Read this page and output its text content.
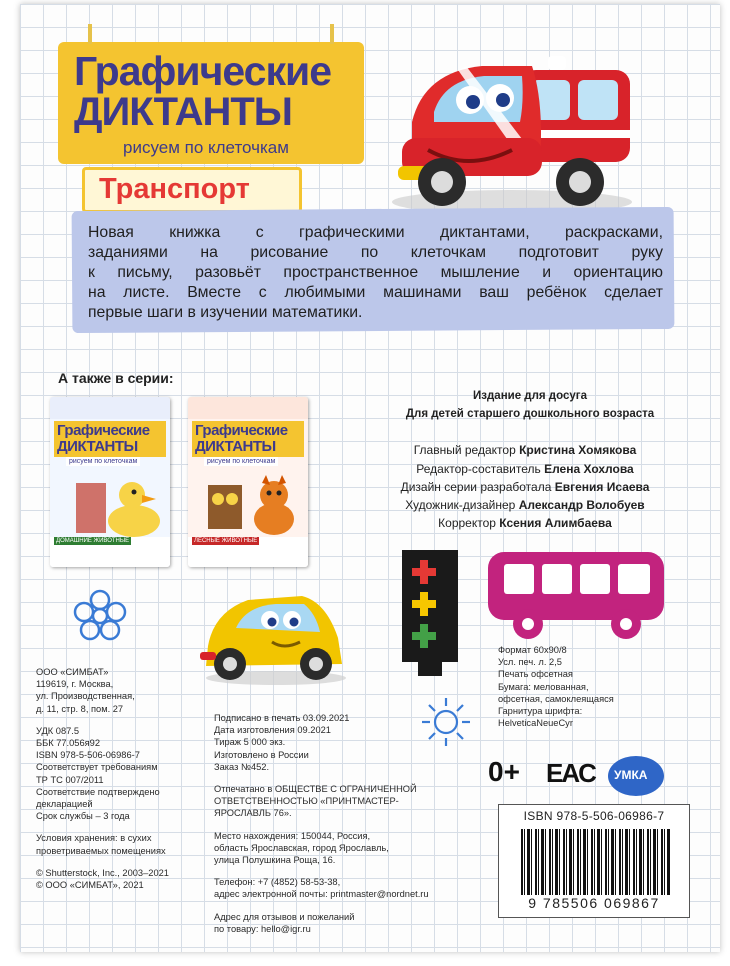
Графические
ДИКТАНТЫ
рисуем по клеточкам
Транспорт
Новая книжка с графическими диктантами, раскрасками,
заданиями на рисование по клеточкам подготовит руку
к письму, разовьёт пространственное мышление и ориентацию
на листе. Вместе с любимыми машинами ваш ребёнок сделает
первые шаги в изучении математики.
А также в серии:
Графические
ДИКТАНТЫ
рисуем по клеточкам
ДОМАШНИЕ ЖИВОТНЫЕ
Графические
ДИКТАНТЫ
рисуем по клеточкам
ЛЕСНЫЕ ЖИВОТНЫЕ
Издание для досуга
Для детей старшего дошкольного возраста
Главный редактор Кристина Хомякова
Редактор-составитель Елена Хохлова
Дизайн серии разработала Евгения Исаева
Художник-дизайнер Александр Волобуев
Корректор Ксения Алимбаева
Формат 60х90/8
Усл. печ. л. 2,5
Печать офсетная
Бумага: мелованная,
офсетная, самоклеящаяся
Гарнитура шрифта:
HelveticaNeueCyr
ООО «СИМБАТ»
119619, г. Москва,
ул. Производственная,
д. 11, стр. 8, пом. 27
УДК 087.5
ББК 77.056я92
ISBN 978-5-506-06986-7
Соответствует требованиям
ТР ТС 007/2011
Соответствие подтверждено
декларацией
Срок службы – 3 года
Условия хранения: в сухих
проветриваемых помещениях
© Shutterstock, Inc., 2003–2021
© ООО «СИМБАТ», 2021
Подписано в печать 03.09.2021
Дата изготовления 09.2021
Тираж 5 000 экз.
Изготовлено в России
Заказ №452.
Отпечатано в ОБЩЕСТВЕ С ОГРАНИЧЕННОЙ
ОТВЕТСТВЕННОСТЬЮ «ПРИНТМАСТЕР-
ЯРОСЛАВЛЬ 76».
Место нахождения: 150044, Россия,
область Ярославская, город Ярославль,
улица Полушкина Роща, 16.
Телефон: +7 (4852) 58-53-38,
адрес электронной почты: printmaster@nordnet.ru
Адрес для отзывов и пожеланий
по товару: hello@igr.ru
0+ EAC УМКА
ISBN 978-5-506-06986-7
9 785506 069867
